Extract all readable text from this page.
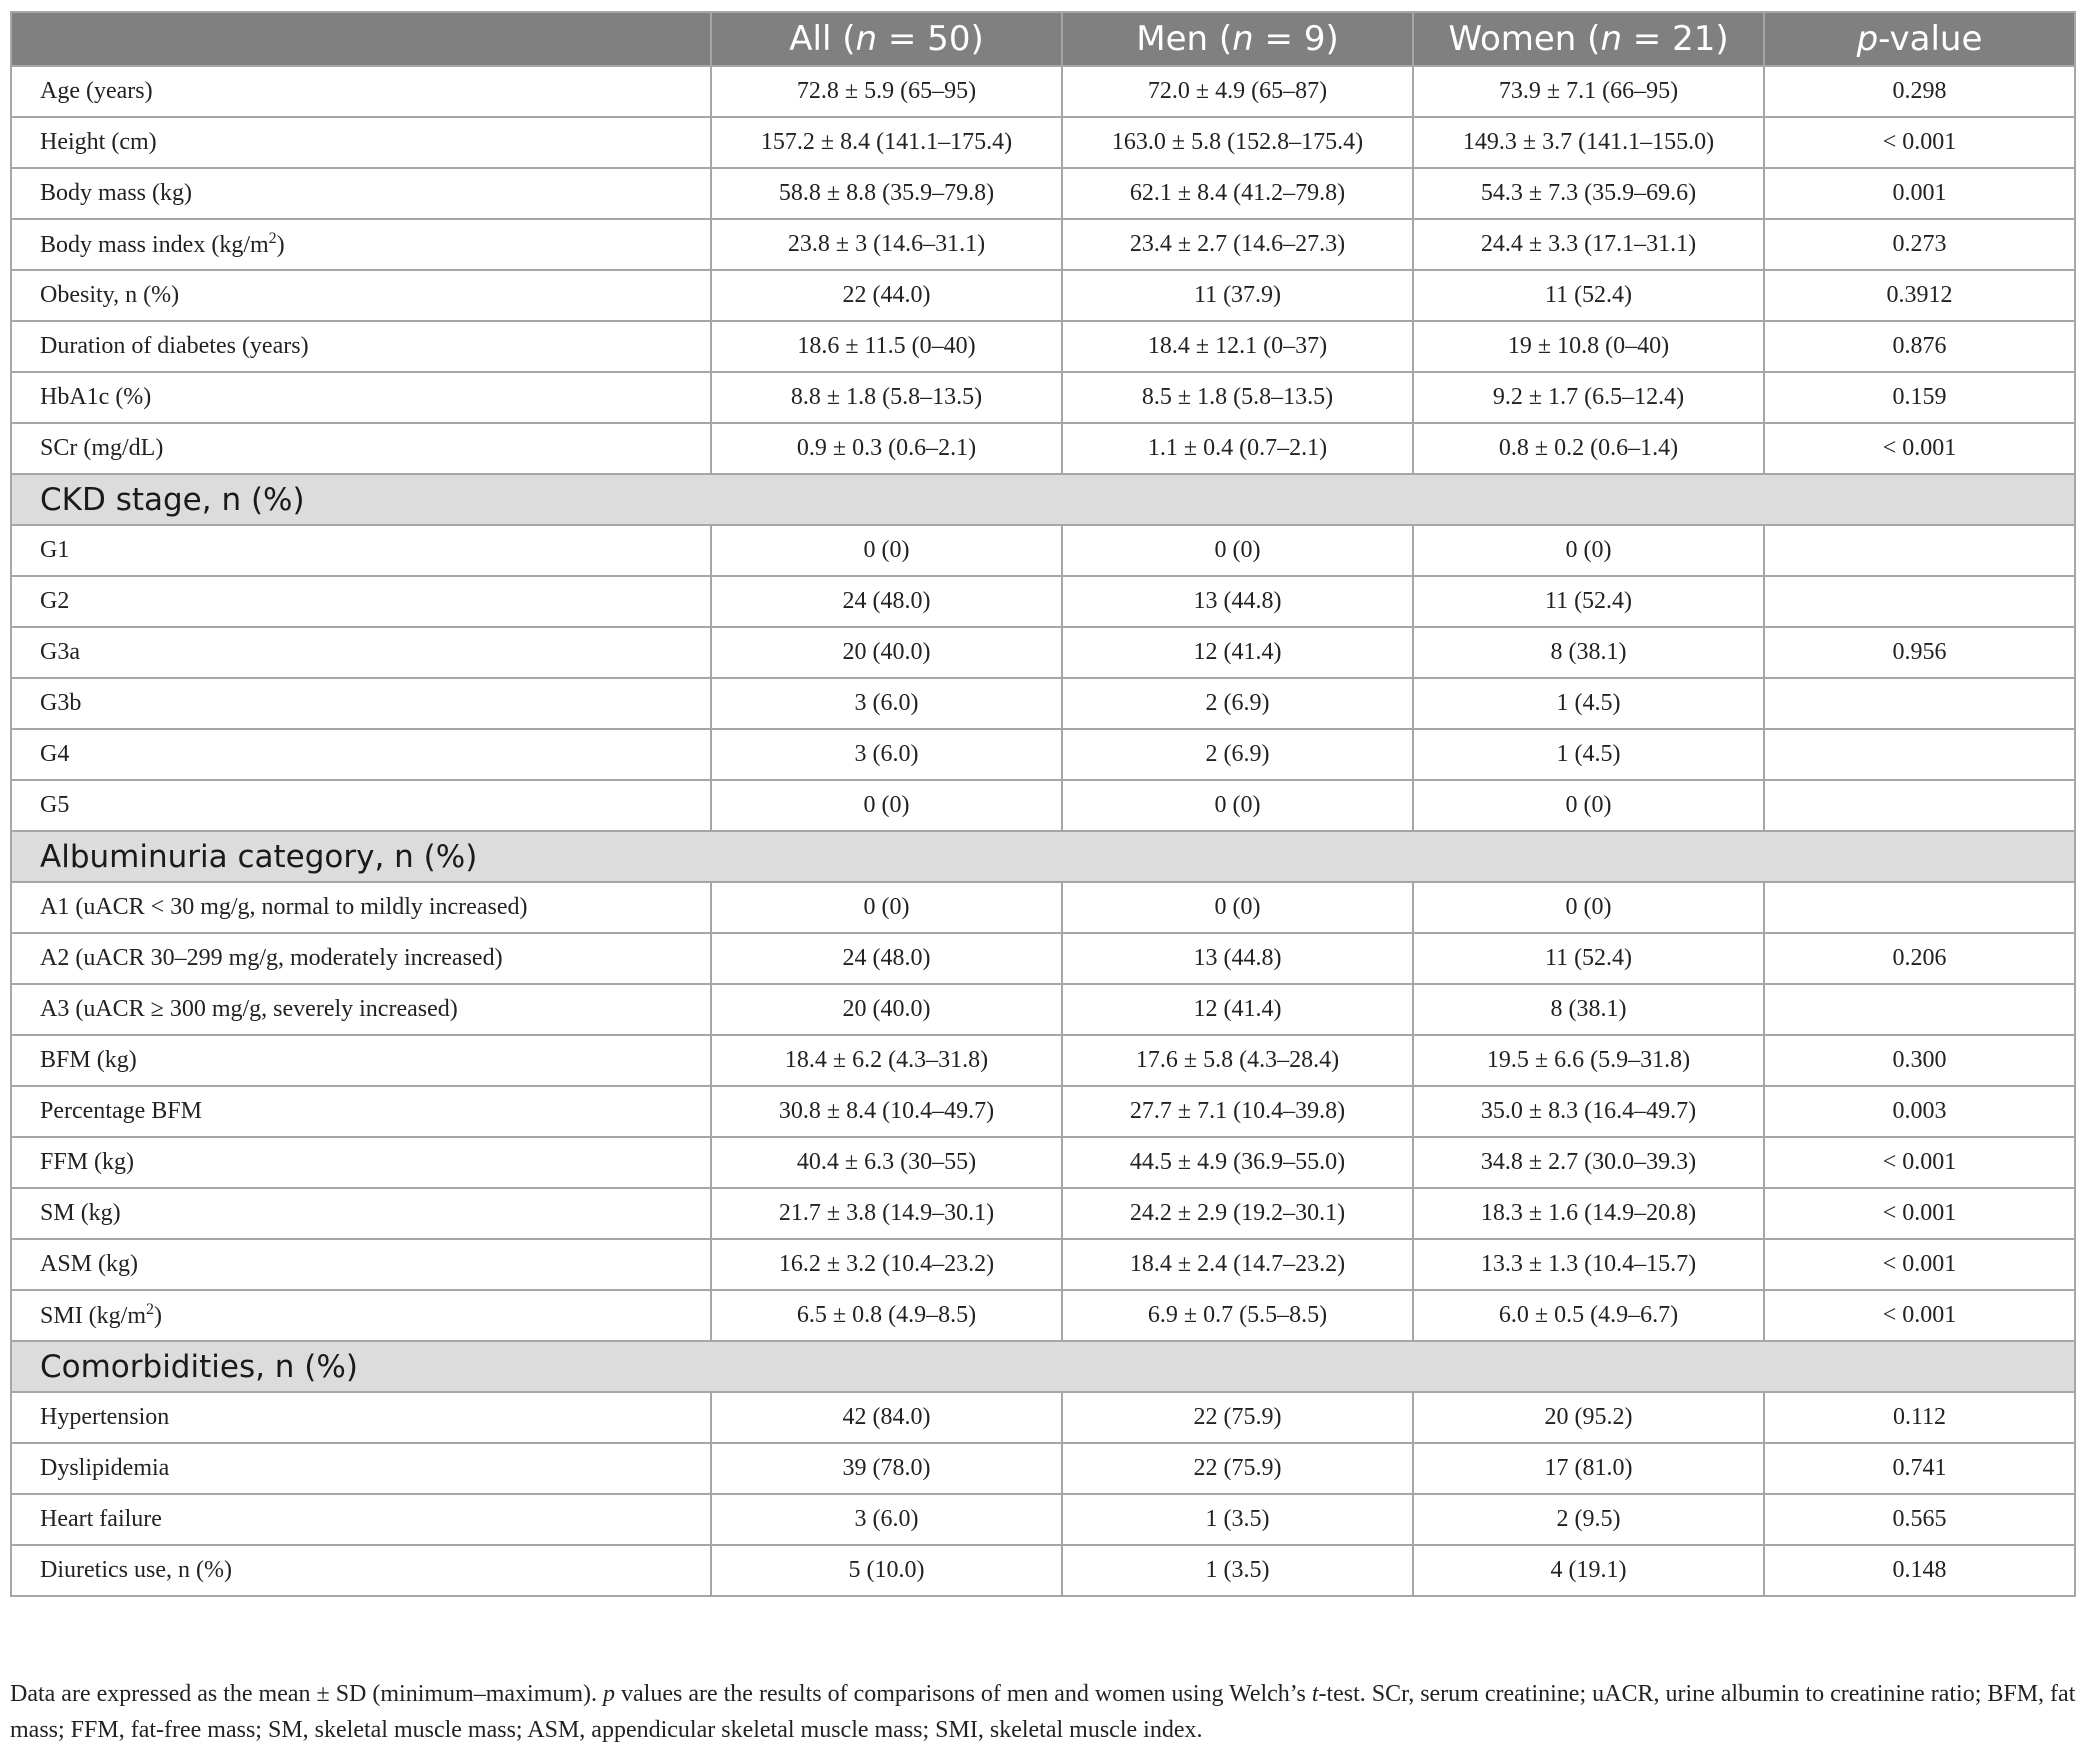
	All (n = 50)	Men (n = 9)	Women (n = 21)	p-value
Age (years)	72.8 ± 5.9 (65–95)	72.0 ± 4.9 (65–87)	73.9 ± 7.1 (66–95)	0.298
Height (cm)	157.2 ± 8.4 (141.1–175.4)	163.0 ± 5.8 (152.8–175.4)	149.3 ± 3.7 (141.1–155.0)	< 0.001
Body mass (kg)	58.8 ± 8.8 (35.9–79.8)	62.1 ± 8.4 (41.2–79.8)	54.3 ± 7.3 (35.9–69.6)	0.001
Body mass index $(kg/m^2)$	23.8 ± 3 (14.6–31.1)	23.4 ± 2.7 (14.6–27.3)	24.4 ± 3.3 (17.1–31.1)	0.273
Obesity, n (%)	22 (44.0)	11 (37.9)	11 (52.4)	0.3912
Duration of diabetes (years)	18.6 ± 11.5 (0–40)	18.4 ± 12.1 (0–37)	19 ± 10.8 (0–40)	0.876
HbA1c (%)	8.8 ± 1.8 (5.8–13.5)	8.5 ± 1.8 (5.8–13.5)	9.2 ± 1.7 (6.5–12.4)	0.159
SCr (mg/dL)	0.9 ± 0.3 (0.6–2.1)	1.1 ± 0.4 (0.7–2.1)	0.8 ± 0.2 (0.6–1.4)	< 0.001
CKD stage, n (%)				
G1	0 (0)	0 (0)	0 (0)	
G2	24 (48.0)	13 (44.8)	11 (52.4)	
G3a	20 (40.0)	12 (41.4)	8 (38.1)	0.956
G3b	3 (6.0)	2 (6.9)	1 (4.5)	
G4	3 (6.0)	2 (6.9)	1 (4.5)	
G5	0 (0)	0 (0)	0 (0)	
Albuminuria category, n (%)				
A1 (uACR < 30 mg/g, normal to mildly increased)	0 (0)	0 (0)	0 (0)	
A2 (uACR 30–299 mg/g, moderately increased)	24 (48.0)	13 (44.8)	11 (52.4)	0.206
A3 (uACR ≥ 300 mg/g, severely increased)	20 (40.0)	12 (41.4)	8 (38.1)	
BFM (kg)	18.4 ± 6.2 (4.3–31.8)	17.6 ± 5.8 (4.3–28.4)	19.5 ± 6.6 (5.9–31.8)	0.300
Percentage BFM	30.8 ± 8.4 (10.4–49.7)	27.7 ± 7.1 (10.4–39.8)	35.0 ± 8.3 (16.4–49.7)	0.003
FFM (kg)	40.4 ± 6.3 (30–55)	44.5 ± 4.9 (36.9–55.0)	34.8 ± 2.7 (30.0–39.3)	< 0.001
SM (kg)	21.7 ± 3.8 (14.9–30.1)	24.2 ± 2.9 (19.2–30.1)	18.3 ± 1.6 (14.9–20.8)	< 0.001
ASM (kg)	16.2 ± 3.2 (10.4–23.2)	18.4 ± 2.4 (14.7–23.2)	13.3 ± 1.3 (10.4–15.7)	< 0.001
SMI $(kg/m^2)$	6.5 ± 0.8 (4.9–8.5)	6.9 ± 0.7 (5.5–8.5)	6.0 ± 0.5 (4.9–6.7)	< 0.001
Comorbidities, n (%)				
Hypertension	42 (84.0)	22 (75.9)	20 (95.2)	0.112
Dyslipidemia	39 (78.0)	22 (75.9)	17 (81.0)	0.741
Heart failure	3 (6.0)	1 (3.5)	2 (9.5)	0.565
Diuretics use, n (%)	5 (10.0)	1 (3.5)	4 (19.1)	0.148
Data are expressed as the mean ± SD (minimum–maximum). p values are the results of comparisons of men and women using Welch’s t-test. SCr, serum creatinine; uACR, urine albumin to creatinine ratio; BFM, fat mass; FFM, fat-free mass; SM, skeletal muscle mass; ASM, appendicular skeletal muscle mass; SMI, skeletal muscle index.
